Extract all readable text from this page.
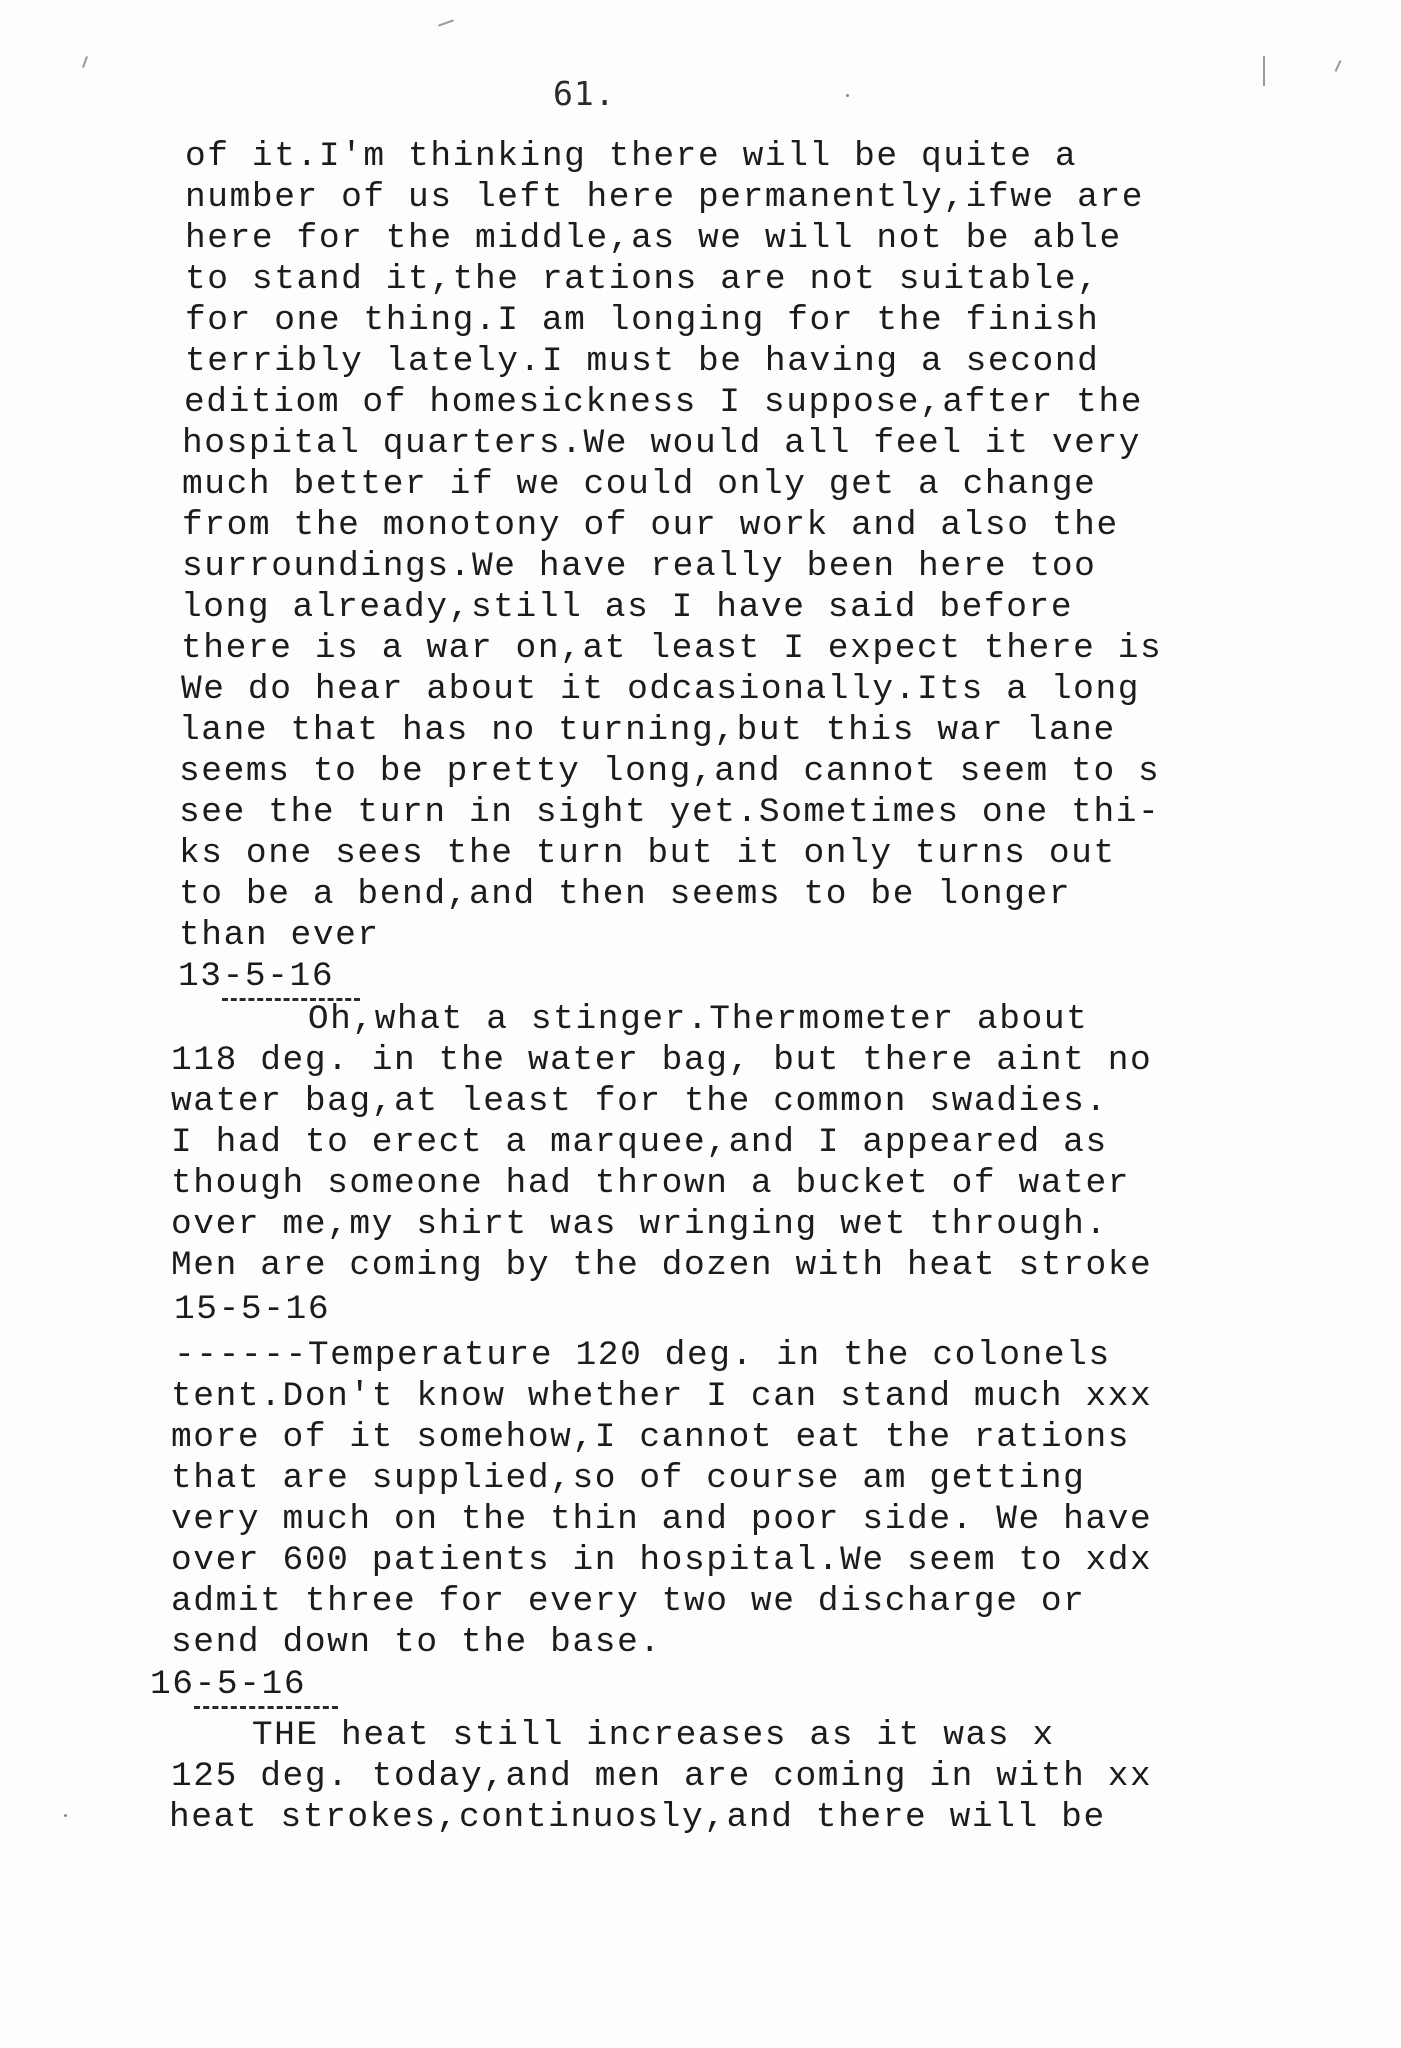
61.
of it.I'm thinking there will be quite a
number of us left here permanently,ifwe are
here for the middle,as we will not be able
to stand it,the rations are not suitable,
for one thing.I am longing for the finish
terribly lately.I must be having a second
editiom of homesickness I suppose,after the
hospital quarters.We would all feel it very
much better if we could only get a change
from the monotony of our work and also the
surroundings.We have really been here too
long already,still as I have said before
there is a war on,at least I expect there is
We do hear about it odcasionally.Its a long
lane that has no turning,but this war lane
seems to be pretty long,and cannot seem to s
see the turn in sight yet.Sometimes one thi-
ks one sees the turn but it only turns out
to be a bend,and then seems to be longer
than ever
13-5-16
Oh,what a stinger.Thermometer about
118 deg. in the water bag, but there aint no
water bag,at least for the common swadies.
I had to erect a marquee,and I appeared as
though someone had thrown a bucket of water
over me,my shirt was wringing wet through.
Men are coming by the dozen with heat stroke
15-5-16
------Temperature 120 deg. in the colonels
tent.Don't know whether I can stand much xxx
more of it somehow,I cannot eat the rations
that are supplied,so of course am getting
very much on the thin and poor side. We have
over 600 patients in hospital.We seem to xdx
admit three for every two we discharge or
send down to the base.
16-5-16
THE heat still increases as it was x
125 deg. today,and men are coming in with xx
heat strokes,continuosly,and there will be
